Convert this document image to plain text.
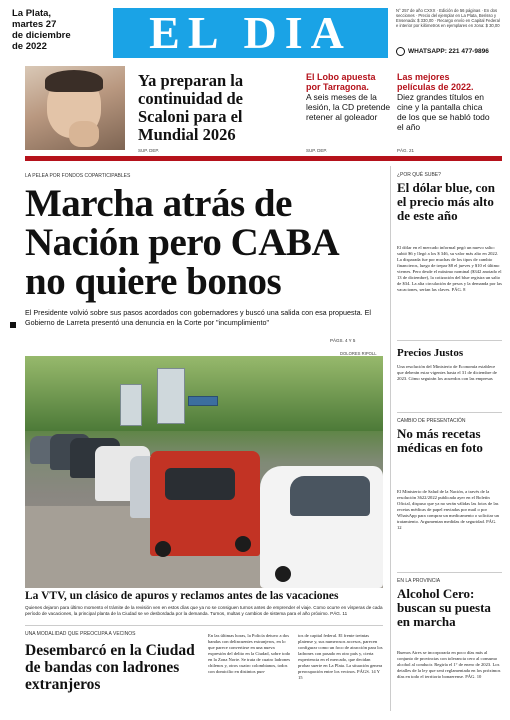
La Plata,
martes 27
de diciembre
de 2022	EL DIA	N° 257 de año CXXX · Edición de 56 páginas · En dos secciones · Precio del ejemplar en La Plata, Berisso y Ensenada: $ 330,00 · Recargo envío en Capital Federal e interior por kilómetros en ejemplares en zona: $ 30,00
WHATSAPP: 221 477-9896
Ya preparan la continuidad de Scaloni para el Mundial 2026
SUP. DEP.
El Lobo apuesta por Tarragona.
A seis meses de la lesión, la CD pretende retener al goleador
SUP. DEP.
Las mejores películas de 2022.
Diez grandes títulos en cine y la pantalla chica de los que se habló todo el año
PÁG. 21
LA PELEA POR FONDOS COPARTICIPABLES
Marcha atrás de Nación pero CABA no quiere bonos
El Presidente volvió sobre sus pasos acordados con gobernadores y buscó una salida con esa propuesta. El Gobierno de Larreta presentó una denuncia en la Corte por "incumplimiento"
PÁGS. 4 Y 5
DOLORES RIPOLL
La VTV, un clásico de apuros y reclamos antes de las vacaciones
Quienes dejaron para último momento el trámite de la revisión ven en estos días que ya no se consiguen turnos antes de emprender el viaje. Como ocurre en vísperas de cada período de vacaciones, la principal planta de la Ciudad se ve desbordada por la demanda. Turnos, multas y cambios de sistema para el año próximo. PÁG. 11
UNA MODALIDAD QUE PREOCUPA A VECINOS
Desembarcó en la Ciudad de bandas con ladrones extranjeros
En las últimas horas, la Policía detuvo a dos bandas con delincuentes extranjeros, en lo que parece convertirse en una nueva expresión del delito en la Ciudad, sobre todo en la Zona Norte. Se trata de cuatro ladrones chilenos y, otros cuatro colombianos, todos con domicilio en distintos pun-
tos de capital federal. El frente treintas platense y, sus numerosos accesos, parecen configurar como un foco de atracción para los ladrones con pasado en otro país y, cierta experiencia en el mercado, que decidan probar suerte en La Plata. La situación genera preocupación entre los vecinos. PÁGS. 14 Y 15
¿POR QUÉ SUBE?
El dólar blue, con el precio más alto de este año
El dólar en el mercado informal pegó un nuevo salto: subió $6 y llegó a los $ 346, su valor más alto en 2022. La disparada fue por muchas de los tipos de cambio financieros, luego de trepar $8 el jueves y $10 el último viernes. Pero desde el máximo nominal ($342 anotado el 13 de diciembre), la cotización del blue registra un salto de $34. La alta circulación de pesos y la demanda por las vacaciones, serían las claves. PÁG. 8
Precios Justos
Una resolución del Ministerio de Economía establece que deberán estar vigentes hasta el 31 de diciembre de 2023. Cómo seguirán los acuerdos con las empresas
CAMBIO DE PRESENTACIÓN
No más recetas médicas en foto
El Ministerio de Salud de la Nación, a través de la resolución 3622/2022 publicada ayer en el Boletín Oficial, dispuso que ya no serán válidas las fotos de las recetas médicas de papel enviadas por mail o por WhatsApp para comprar un medicamento o solicitar un tratamiento. Argumentan medidas de seguridad. PÁG. 12
EN LA PROVINCIA
Alcohol Cero: buscan su puesta en marcha
Buenos Aires se incorporaría en poco días más al conjunto de provincias con tolerancia cero al consumo alcohol al conducir. Regiría el 1° de enero de 2023. Los detalles de la ley que será reglamentada en los próximos días en todo el territorio bonaerense. PÁG. 10
